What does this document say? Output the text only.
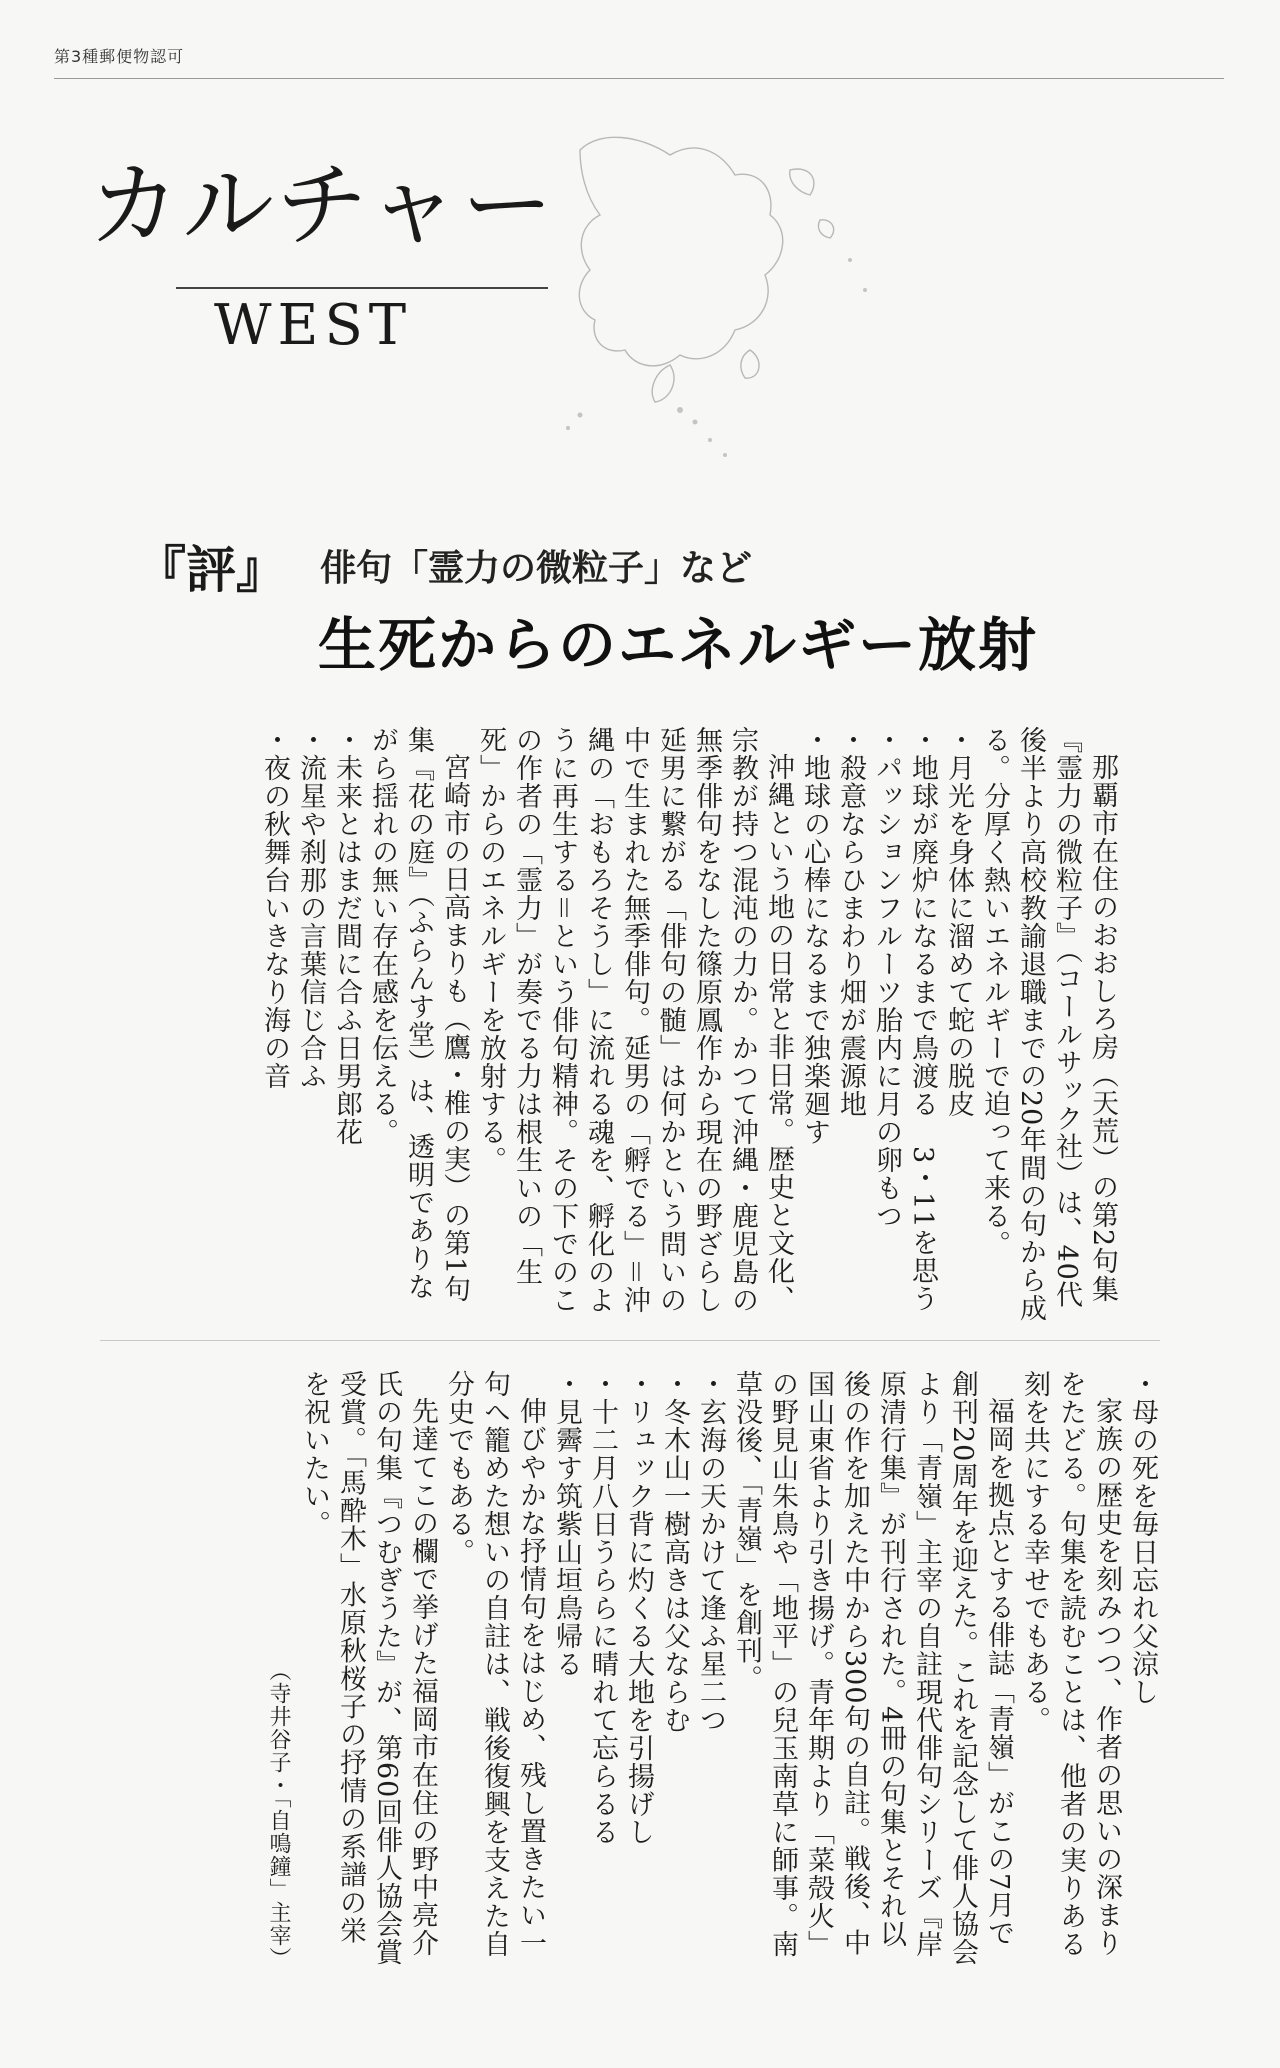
第3種郵便物認可
カルチャー
WEST
『評』 俳句「霊力の微粒子」など
生死からのエネルギー放射

那覇市在住のおおしろ房（天荒）の第2句集『霊力の微粒子』（コールサック社）は、40代後半より高校教諭退職までの20年間の句から成る。分厚く熱いエネルギーで迫って来る。

・月光を身体に溜めて蛇の脱皮

・地球が廃炉になるまで鳥渡る　3・11を思う

・パッションフルーツ胎内に月の卵もつ

・殺意ならひまわり畑が震源地

・地球の心棒になるまで独楽廻す

沖縄という地の日常と非日常。歴史と文化、宗教が持つ混沌の力か。かつて沖縄・鹿児島の無季俳句をなした篠原鳳作から現在の野ざらし延男に繋がる「俳句の髄」は何かという問いの中で生まれた無季俳句。延男の「孵でる」＝沖縄の「おもろそうし」に流れる魂を、孵化のように再生する＝という俳句精神。その下でのこの作者の「霊力」が奏でる力は根生いの「生死」からのエネルギーを放射する。

宮崎市の日高まりも（鷹・椎の実）の第1句集『花の庭』（ふらんす堂）は、透明でありながら揺れの無い存在感を伝える。

・未来とはまだ間に合ふ日男郎花

・流星や刹那の言葉信じ合ふ

・夜の秋舞台いきなり海の音

・母の死を毎日忘れ父涼し

家族の歴史を刻みつつ、作者の思いの深まりをたどる。句集を読むことは、他者の実りある刻を共にする幸せでもある。

福岡を拠点とする俳誌「青嶺」がこの7月で創刊20周年を迎えた。これを記念して俳人協会より「青嶺」主宰の自註現代俳句シリーズ『岸原清行集』が刊行された。4冊の句集とそれ以後の作を加えた中から300句の自註。戦後、中国山東省より引き揚げ。青年期より「菜殻火」の野見山朱鳥や「地平」の兒玉南草に師事。南草没後、「青嶺」を創刊。

・玄海の天かけて逢ふ星二つ

・冬木山一樹高きは父ならむ

・リュック背に灼くる大地を引揚げし

・十二月八日うららに晴れて忘らるる

・見霽す筑紫山垣鳥帰る

伸びやかな抒情句をはじめ、残し置きたい一句へ籠めた想いの自註は、戦後復興を支えた自分史でもある。

先達てこの欄で挙げた福岡市在住の野中亮介氏の句集『つむぎうた』が、第60回俳人協会賞受賞。「馬酔木」水原秋桜子の抒情の系譜の栄を祝いたい。

（寺井谷子・「自鳴鐘」主宰）
